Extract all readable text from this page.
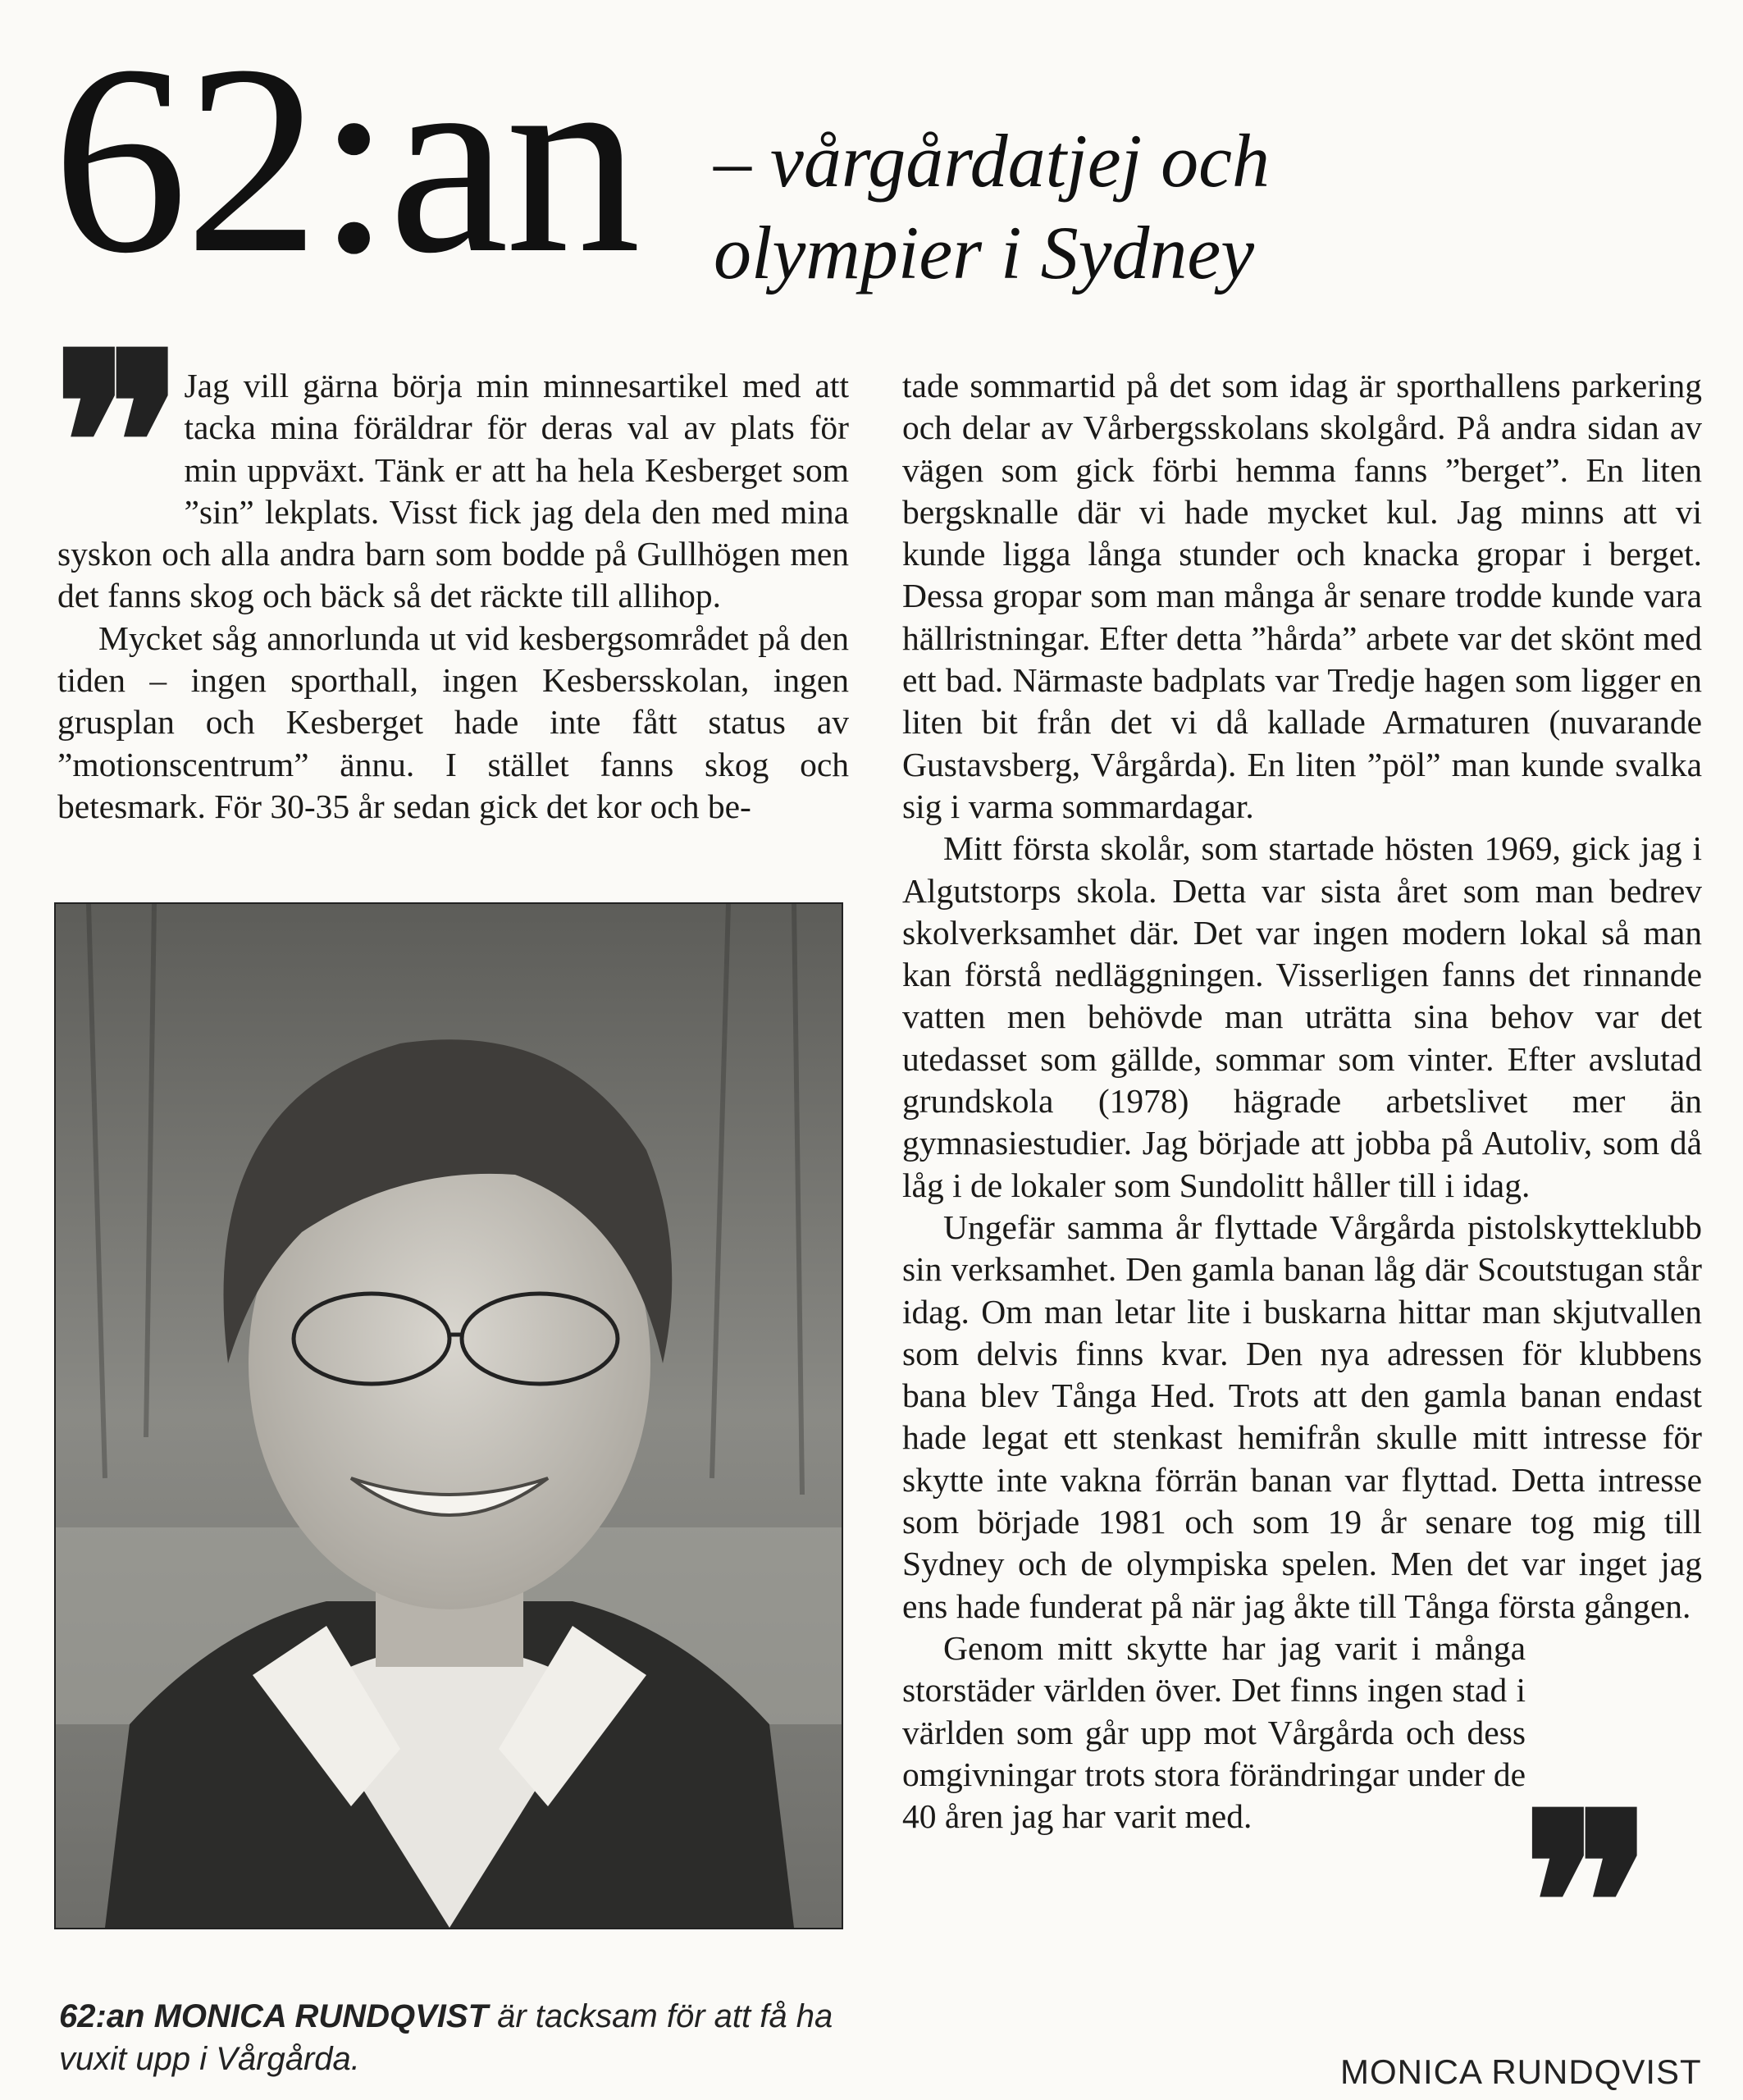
62:an – vårgårdatjej och
olympier i Sydney
❞ Jag vill gärna börja min minnesartikel med att tacka mina föräldrar för deras val av plats för min uppväxt. Tänk er att ha hela Kesberget som ”sin” lekplats. Visst fick jag dela den med mina syskon och alla andra barn som bodde på Gullhögen men det fanns skog och bäck så det räckte till allihop.

Mycket såg annorlunda ut vid kesbergsområdet på den tiden – ingen sporthall, ingen Kesbersskolan, ingen grusplan och Kesberget hade inte fått status av ”motionscentrum” ännu. I stället fanns skog och betesmark. För 30-35 år sedan gick det kor och be-

62:an MONICA RUNDQVIST är tacksam för att få ha vuxit upp i Vårgårda.

tade sommartid på det som idag är sporthallens parkering och delar av Vårbergsskolans skolgård. På andra sidan av vägen som gick förbi hemma fanns ”berget”. En liten bergsknalle där vi hade mycket kul. Jag minns att vi kunde ligga långa stunder och knacka gropar i berget. Dessa gropar som man många år senare trodde kunde vara hällristningar. Efter detta ”hårda” arbete var det skönt med ett bad. Närmaste badplats var Tredje hagen som ligger en liten bit från det vi då kallade Armaturen (nuvarande Gustavsberg, Vårgårda). En liten ”pöl” man kunde svalka sig i varma sommardagar.

Mitt första skolår, som startade hösten 1969, gick jag i Algutstorps skola. Detta var sista året som man bedrev skolverksamhet där. Det var ingen modern lokal så man kan förstå nedläggningen. Visserligen fanns det rinnande vatten men behövde man uträtta sina behov var det utedasset som gällde, sommar som vinter. Efter avslutad grundskola (1978) hägrade arbetslivet mer än gymnasiestudier. Jag började att jobba på Autoliv, som då låg i de lokaler som Sundolitt håller till i idag.

Ungefär samma år flyttade Vårgårda pistolskytteklubb sin verksamhet. Den gamla banan låg där Scoutstugan står idag. Om man letar lite i buskarna hittar man skjutvallen som delvis finns kvar. Den nya adressen för klubbens bana blev Tånga Hed. Trots att den gamla banan endast hade legat ett stenkast hemifrån skulle mitt intresse för skytte inte vakna förrän banan var flyttad. Detta intresse som började 1981 och som 19 år senare tog mig till Sydney och de olympiska spelen. Men det var inget jag ens hade funderat på när jag åkte till Tånga första gången.

Genom mitt skytte har jag varit i många storstäder världen över. Det finns ingen stad i världen som går upp mot Vårgårda och dess omgivningar trots stora förändringar under de 40 åren jag har varit med.	❞
MONICA RUNDQVIST
